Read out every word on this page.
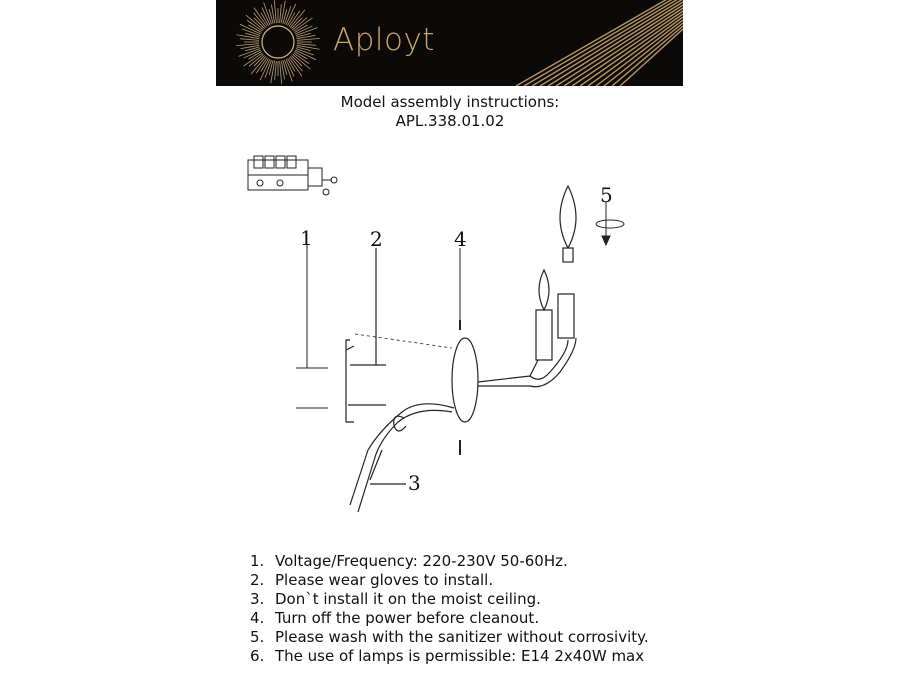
Aployt
Model assembly instructions:
APL.338.01.02
1	2	4
5
3
1. Voltage/Frequency: 220-230V 50-60Hz.
2. Please wear gloves to install.
3. Don`t install it on the moist ceiling.
4. Turn off the power before cleanout.
5. Please wash with the sanitizer without corrosivity.
6. The use of lamps is permissible: E14 2x40W max
